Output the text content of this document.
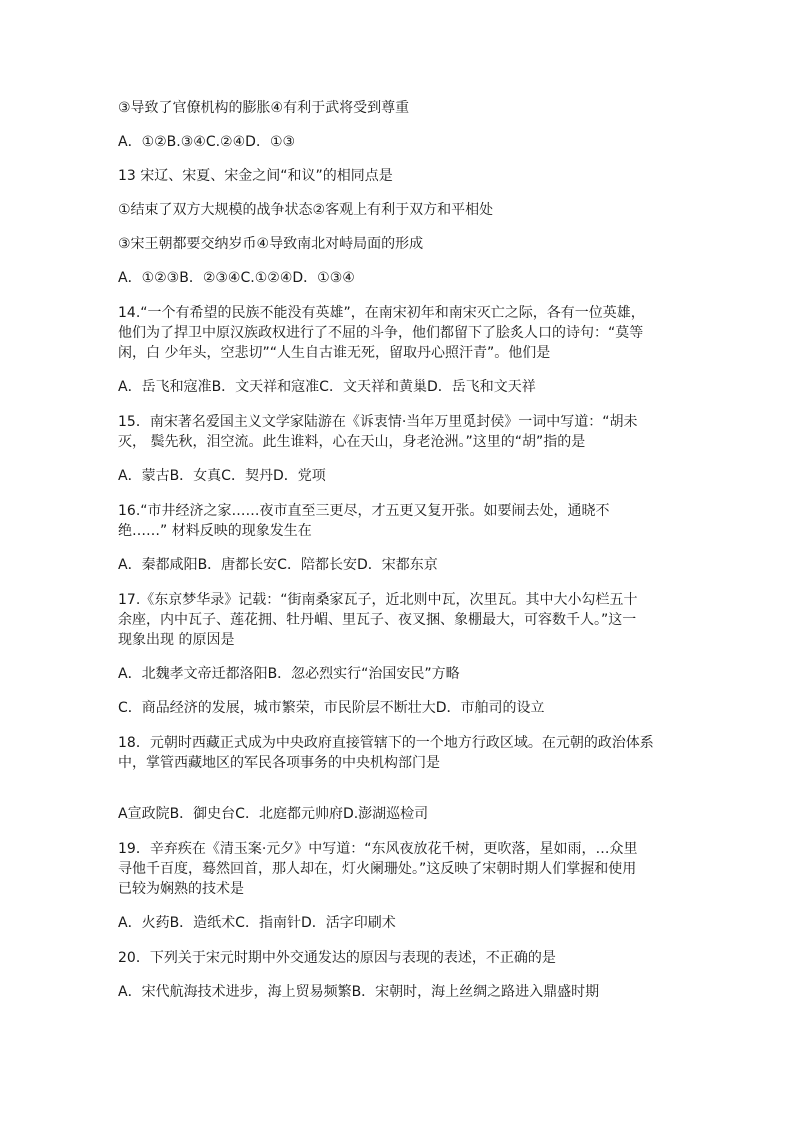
③导致了官僚机构的膨胀④有利于武将受到尊重
A．①②B.③④C.②④D．①③
13 宋辽、宋夏、宋金之间“和议”的相同点是
①结束了双方大规模的战争状态②客观上有利于双方和平相处
③宋王朝都要交纳岁币④导致南北对峙局面的形成
A．①②③B．②③④C.①②④D．①③④
14.“一个有希望的民族不能没有英雄”，在南宋初年和南宋灭亡之际，各有一位英雄，
他们为了捍卫中原汉族政权进行了不屈的斗争，他们都留下了脍炙人口的诗句：“莫等
闲，白 少年头，空悲切”“人生自古谁无死，留取丹心照汗青”。他们是
A．岳飞和寇准B．文天祥和寇准C．文天祥和黄巢D．岳飞和文天祥
15．南宋著名爱国主义文学家陆游在《诉衷情·当年万里觅封侯》一词中写道：“胡未
灭， 鬓先秋，泪空流。此生谁料，心在天山，身老沧洲。”这里的“胡”指的是
A．蒙古B．女真C．契丹D．党项
16.“市井经济之家……夜市直至三更尽，才五更又复开张。如要闹去处，通晓不
绝……” 材料反映的现象发生在
A．秦都咸阳B．唐都长安C．陪都长安D．宋都东京
17.《东京梦华录》记载：“街南桑家瓦子，近北则中瓦，次里瓦。其中大小勾栏五十
余座，内中瓦子、莲花拥、牡丹嵋、里瓦子、夜叉捆、象棚最大，可容数千人。”这一
现象出现 的原因是
A．北魏孝文帝迁都洛阳B．忽必烈实行“治国安民”方略
C．商品经济的发展，城市繁荣，市民阶层不断壮大D．市舶司的设立
18．元朝时西藏正式成为中央政府直接管辖下的一个地方行政区域。在元朝的政治体系
中，掌管西藏地区的军民各项事务的中央机构部门是
A宣政院B．御史台C．北庭都元帅府D.澎湖巡检司
19．辛弃疾在《清玉案·元夕》中写道：“东风夜放花千树，更吹落，星如雨，…众里
寻他千百度，蓦然回首，那人却在，灯火阑珊处。”这反映了宋朝时期人们掌握和使用
已较为娴熟的技术是
A．火药B．造纸术C．指南针D．活字印刷术
20．下列关于宋元时期中外交通发达的原因与表现的表述，不正确的是
A．宋代航海技术进步，海上贸易频繁B．宋朝时，海上丝绸之路进入鼎盛时期
